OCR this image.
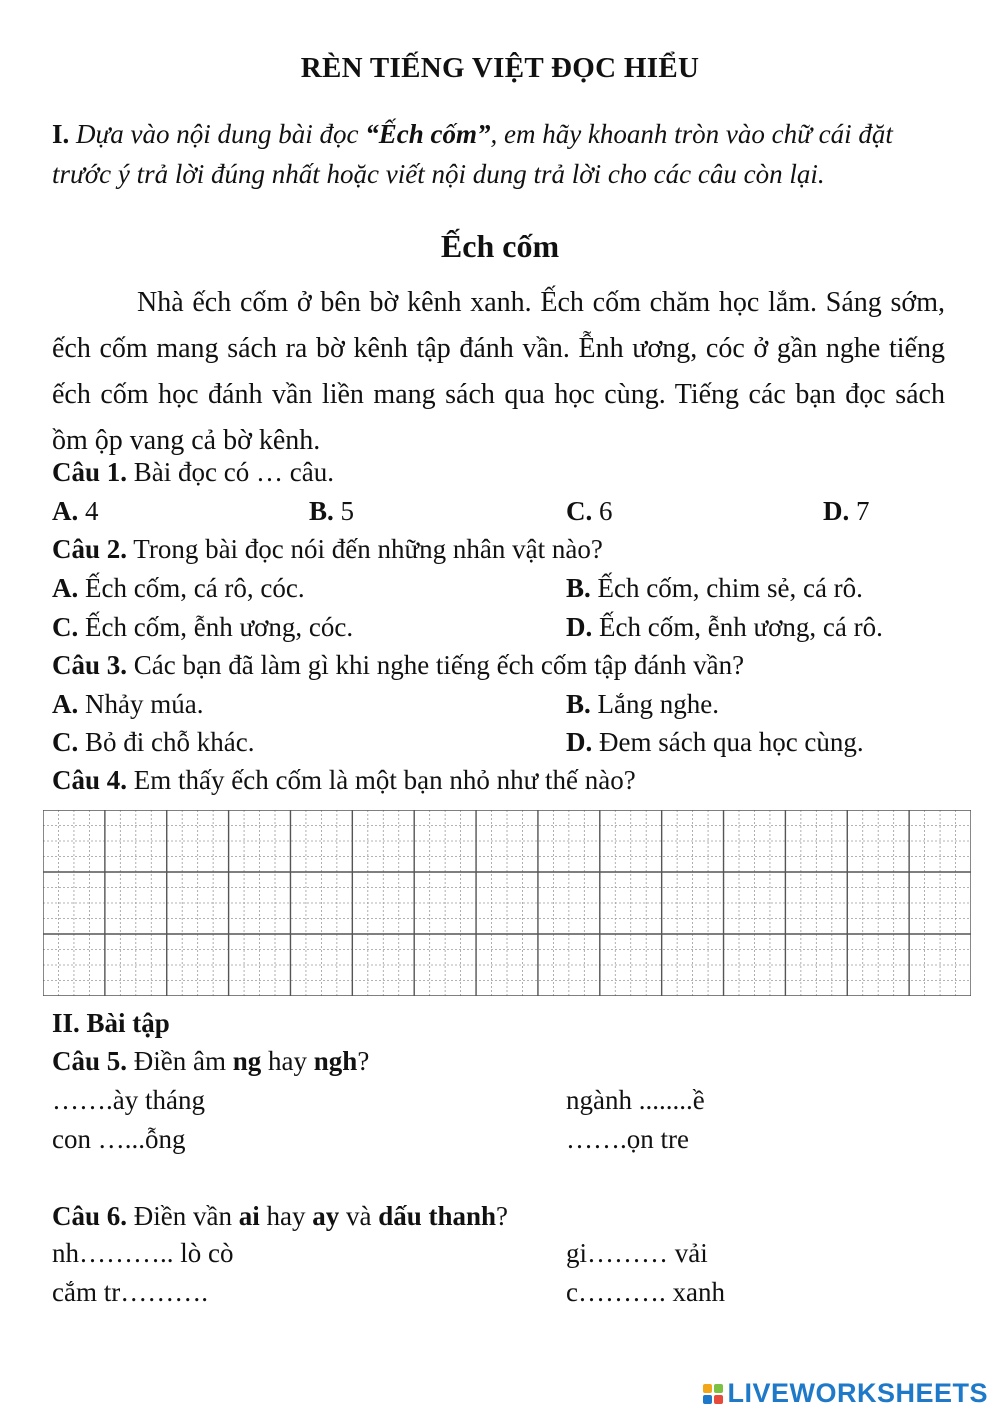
RÈN TIẾNG VIỆT ĐỌC HIỂU
I. Dựa vào nội dung bài đọc “Ếch cốm”, em hãy khoanh tròn vào chữ cái đặt trước ý trả lời đúng nhất hoặc viết nội dung trả lời cho các câu còn lại.
Ếch cốm
Nhà ếch cốm ở bên bờ kênh xanh. Ếch cốm chăm học lắm. Sáng sớm, ếch cốm mang sách ra bờ kênh tập đánh vần. Ễnh ương, cóc ở gần nghe tiếng ếch cốm học đánh vần liền mang sách qua học cùng. Tiếng các bạn đọc sách ồm ộp vang cả bờ kênh.
Câu 1. Bài đọc có … câu.
A. 4	B. 5	C. 6	D. 7
Câu 2. Trong bài đọc nói đến những nhân vật nào?
A. Ếch cốm, cá rô, cóc.	B. Ếch cốm, chim sẻ, cá rô.
C. Ếch cốm, ễnh ương, cóc.	D. Ếch cốm, ễnh ương, cá rô.
Câu 3. Các bạn đã làm gì khi nghe tiếng ếch cốm tập đánh vần?
A. Nhảy múa.	B. Lắng nghe.
C. Bỏ đi chỗ khác.	D. Đem sách qua học cùng.
Câu 4. Em thấy ếch cốm là một bạn nhỏ như thế nào?
II. Bài tập
Câu 5. Điền âm ng hay ngh?
…….ày tháng	ngành ........ề
con …...ỗng	…….ọn tre
Câu 6. Điền vần ai hay ay và dấu thanh?
nh……….. lò cò	gi……… vải
cắm tr……….	c………. xanh
LIVEWORKSHEETS
